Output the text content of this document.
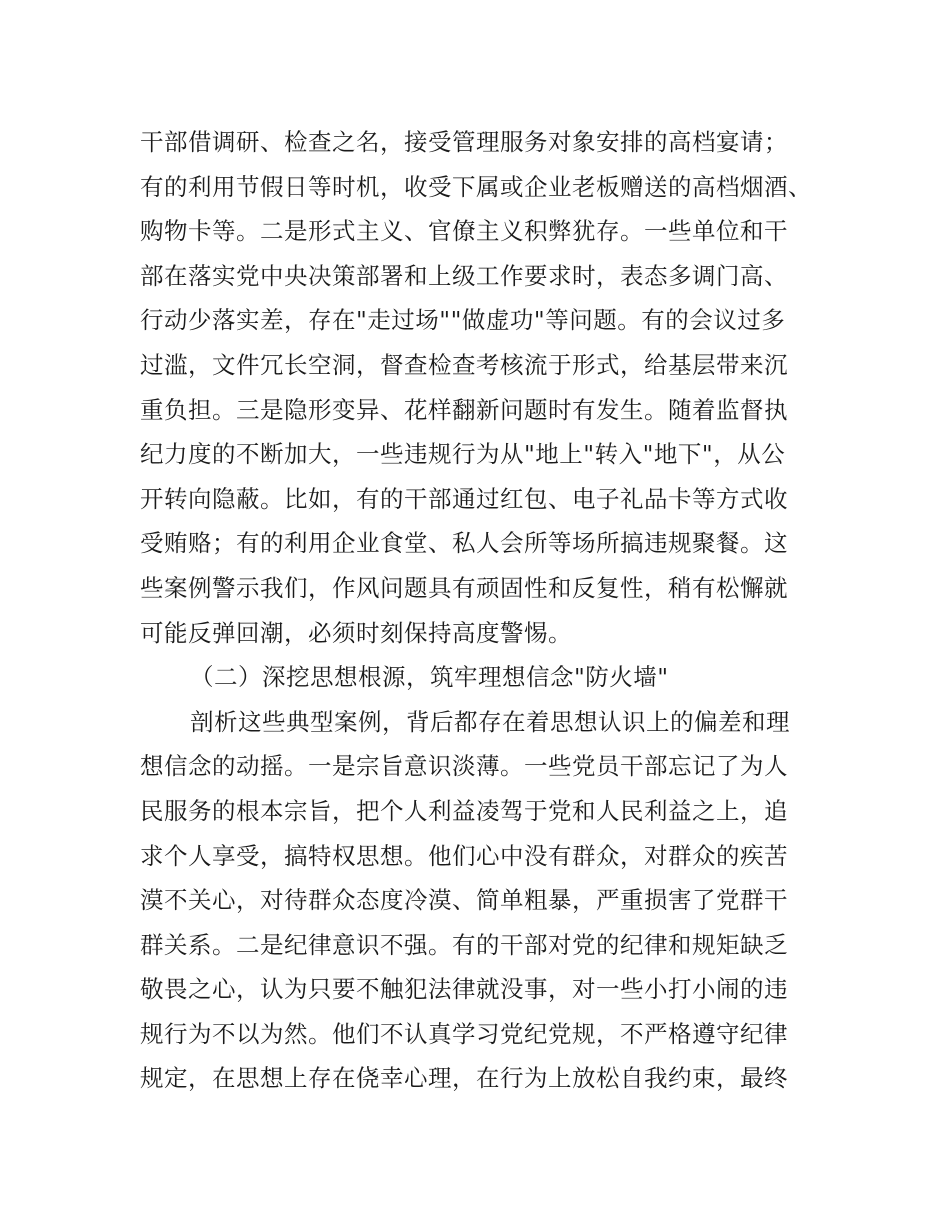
干部借调研、检查之名，接受管理服务对象安排的高档宴请；
有的利用节假日等时机，收受下属或企业老板赠送的高档烟酒、
购物卡等。二是形式主义、官僚主义积弊犹存。一些单位和干
部在落实党中央决策部署和上级工作要求时，表态多调门高、
行动少落实差，存在"走过场""做虚功"等问题。有的会议过多
过滥，文件冗长空洞，督查检查考核流于形式，给基层带来沉
重负担。三是隐形变异、花样翻新问题时有发生。随着监督执
纪力度的不断加大，一些违规行为从"地上"转入"地下"，从公
开转向隐蔽。比如，有的干部通过红包、电子礼品卡等方式收
受贿赂；有的利用企业食堂、私人会所等场所搞违规聚餐。这
些案例警示我们，作风问题具有顽固性和反复性，稍有松懈就
可能反弹回潮，必须时刻保持高度警惕。
（二）深挖思想根源，筑牢理想信念"防火墙"
剖析这些典型案例，背后都存在着思想认识上的偏差和理
想信念的动摇。一是宗旨意识淡薄。一些党员干部忘记了为人
民服务的根本宗旨，把个人利益凌驾于党和人民利益之上，追
求个人享受，搞特权思想。他们心中没有群众，对群众的疾苦
漠不关心，对待群众态度冷漠、简单粗暴，严重损害了党群干
群关系。二是纪律意识不强。有的干部对党的纪律和规矩缺乏
敬畏之心，认为只要不触犯法律就没事，对一些小打小闹的违
规行为不以为然。他们不认真学习党纪党规，不严格遵守纪律
规定，在思想上存在侥幸心理，在行为上放松自我约束，最终
